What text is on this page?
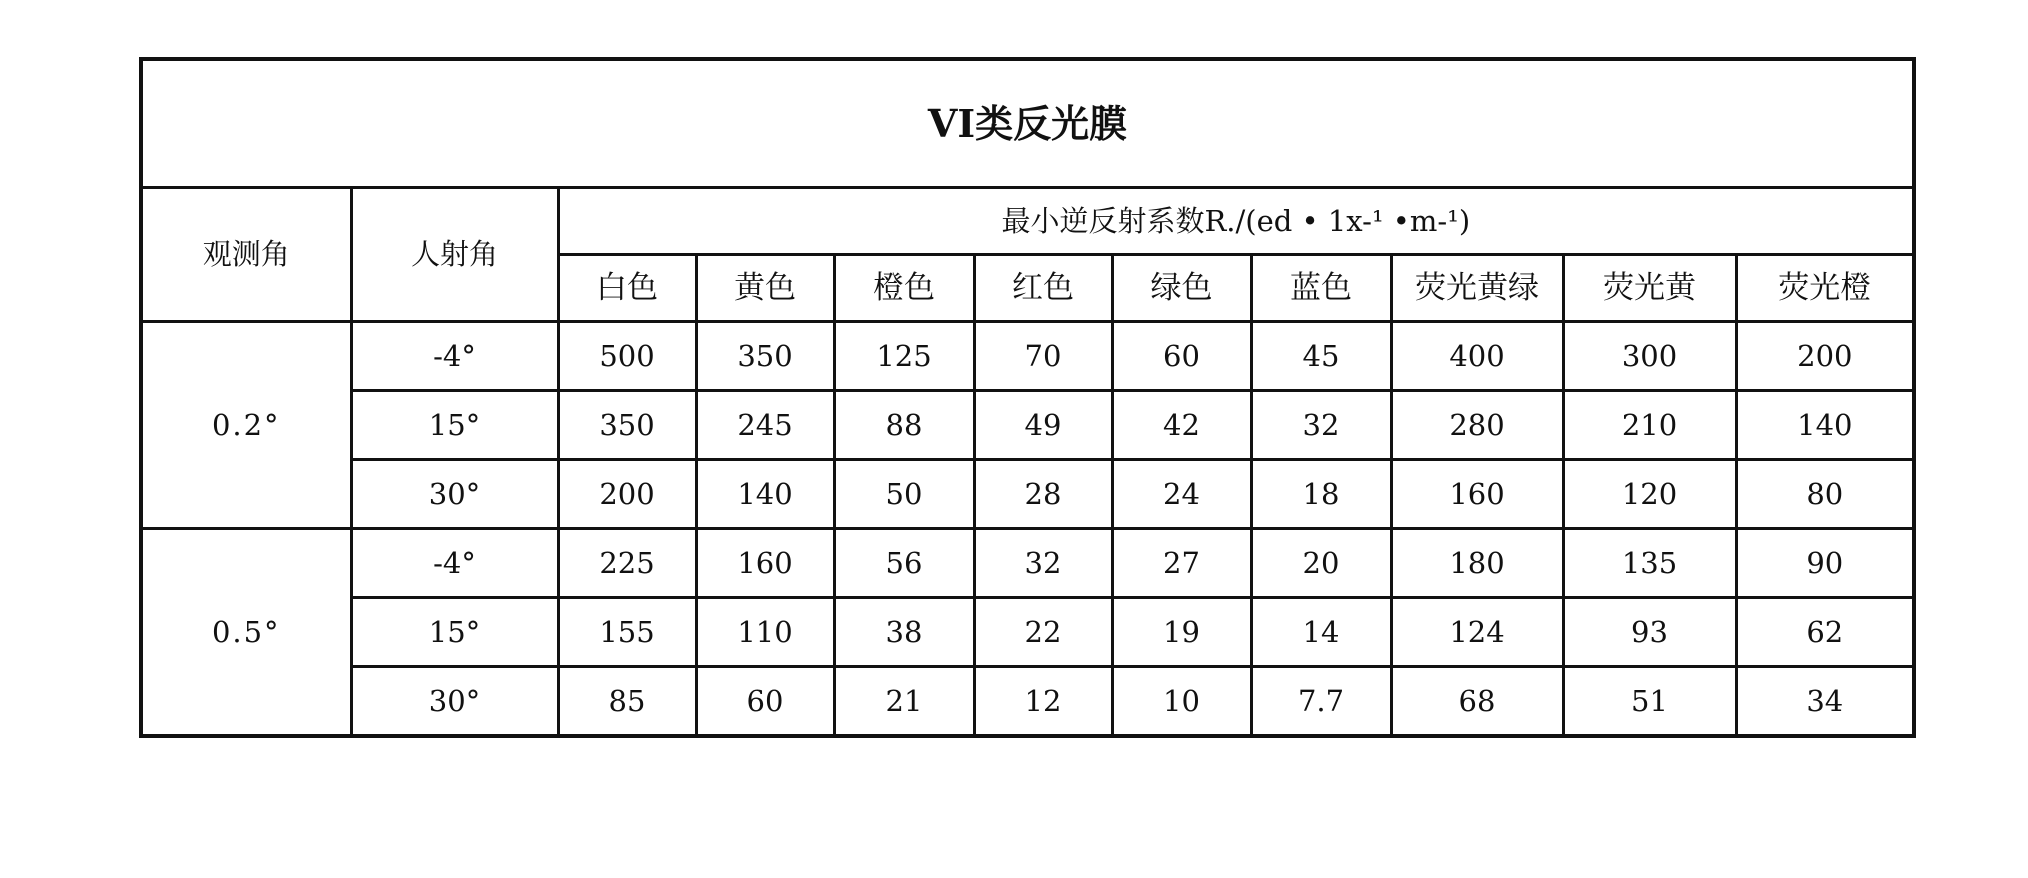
VI类反光膜										
观测角	人射角	最小逆反射系数R./(ed • 1x-¹ •m-¹)								
		白色	黄色	橙色	红色	绿色	蓝色	荧光黄绿	荧光黄	荧光橙
0.2°	-4°	500	350	125	70	60	45	400	300	200
	15°	350	245	88	49	42	32	280	210	140
	30°	200	140	50	28	24	18	160	120	80
0.5°	-4°	225	160	56	32	27	20	180	135	90
	15°	155	110	38	22	19	14	124	93	62
	30°	85	60	21	12	10	7.7	68	51	34
